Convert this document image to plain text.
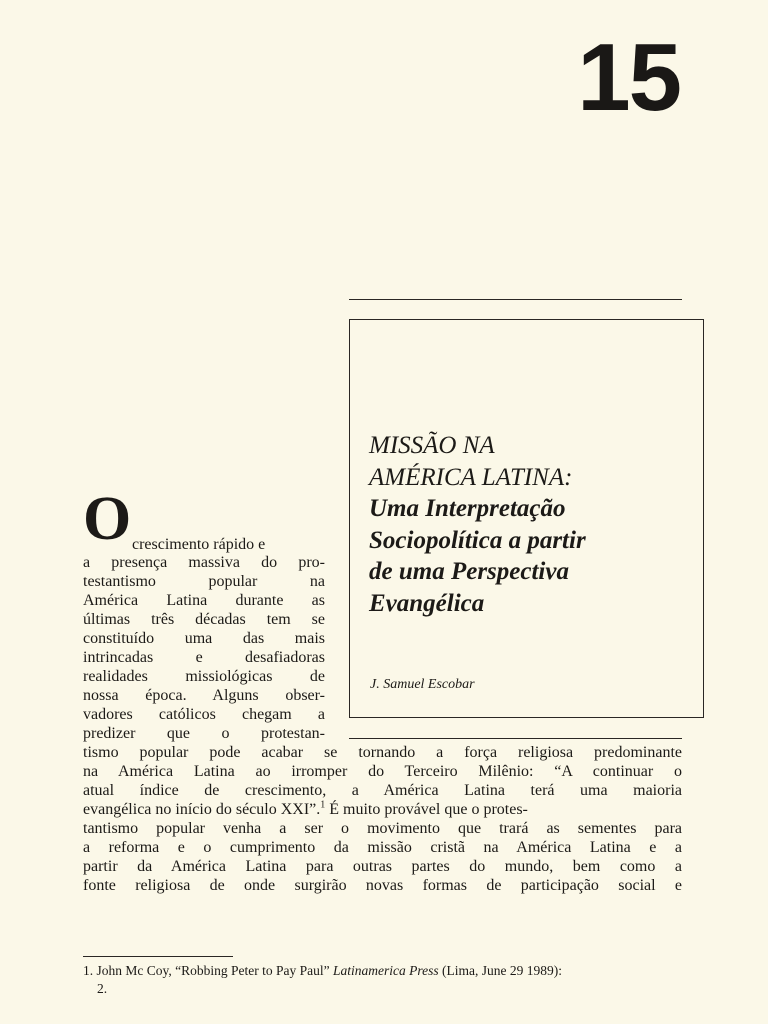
15
MISSÃO NA
AMÉRICA LATINA:
Uma Interpretação
Sociopolítica a partir
de uma Perspectiva
Evangélica
J. Samuel Escobar
O crescimento rápido e
a presença massiva do pro-
testantismo popular na
América Latina durante as
últimas três décadas tem se
constituído uma das mais
intrincadas e desafiadoras
realidades missiológicas de
nossa época. Alguns obser-
vadores católicos chegam a
predizer que o protestan-
tismo popular pode acabar se tornando a força religiosa predominante
na América Latina ao irromper do Terceiro Milênio: “A continuar o
atual índice de crescimento, a América Latina terá uma maioria
evangélica no início do século XXI”.$^1$ É muito provável que o protes-
tantismo popular venha a ser o movimento que trará as sementes para
a reforma e o cumprimento da missão cristã na América Latina e a
partir da América Latina para outras partes do mundo, bem como a
fonte religiosa de onde surgirão novas formas de participação social e
1. John Mc Coy, “Robbing Peter to Pay Paul” Latinamerica Press (Lima, June 29 1989):
2.
